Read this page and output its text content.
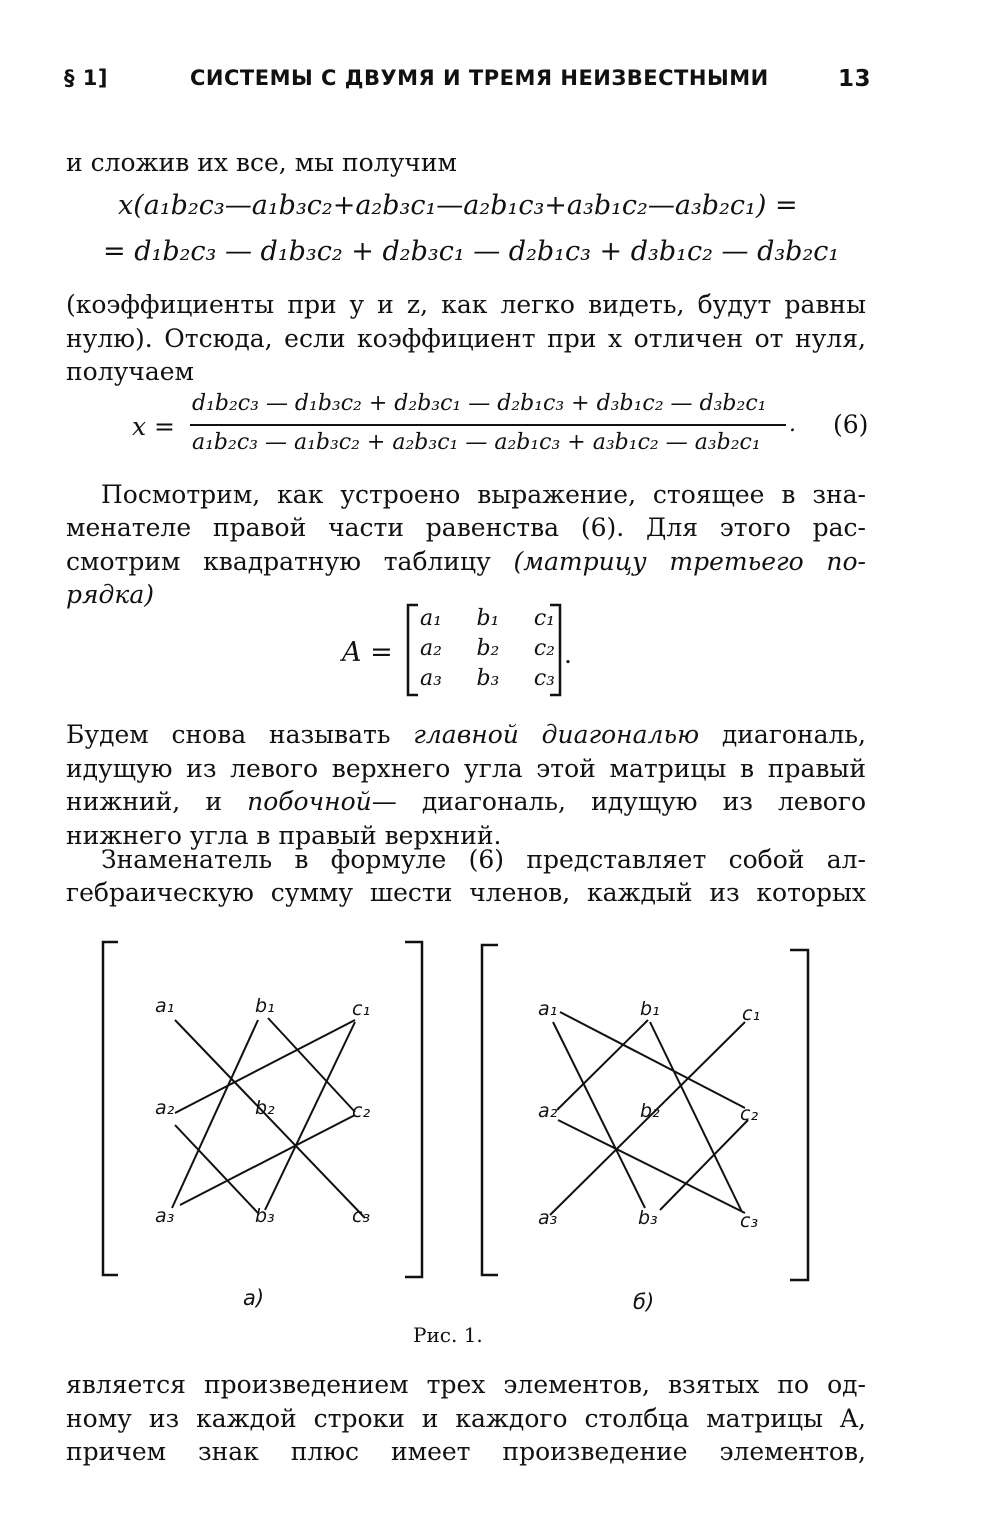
§ 1]	СИСТЕМЫ С ДВУМЯ И ТРЕМЯ НЕИЗВЕСТНЫМИ	13
и сложив их все, мы получим
x(a₁b₂c₃—a₁b₃c₂+a₂b₃c₁—a₂b₁c₃+a₃b₁c₂—a₃b₂c₁) =
= d₁b₂c₃ — d₁b₃c₂ + d₂b₃c₁ — d₂b₁c₃ + d₃b₁c₂ — d₃b₂c₁
(коэффициенты при y и z, как легко видеть, будут равны
нулю). Отсюда, если коэффициент при x отличен от нуля,
получаем
x =
d₁b₂c₃ — d₁b₃c₂ + d₂b₃c₁ — d₂b₁c₃ + d₃b₁c₂ — d₃b₂c₁
a₁b₂c₃ — a₁b₃c₂ + a₂b₃c₁ — a₂b₁c₃ + a₃b₁c₂ — a₃b₂c₁
. (6)
Посмотрим, как устроено выражение, стоящее в зна-
менателе правой части равенства (6). Для этого рас-
смотрим квадратную таблицу (матрицу третьего по-
рядка)
A =
a₁ b₁ c₁
a₂ b₂ c₂
a₃ b₃ c₃
.
Будем снова называть главной диагональю диагональ,
идущую из левого верхнего угла этой матрицы в правый
нижний, и побочной— диагональ, идущую из левого
нижнего угла в правый верхний.
Знаменатель в формуле (6) представляет собой ал-
гебраическую сумму шести членов, каждый из которых
a₁	b₁	c₁
a₂	b₂	c₂
a₃	b₃	c₃
a₁	b₁	c₁
a₂	b₂	c₂
a₃	b₃	c₃
а)	б)
Рис. 1.
является произведением трех элементов, взятых по од-
ному из каждой строки и каждого столбца матрицы A,
причем знак плюс имеет произведение элементов,
